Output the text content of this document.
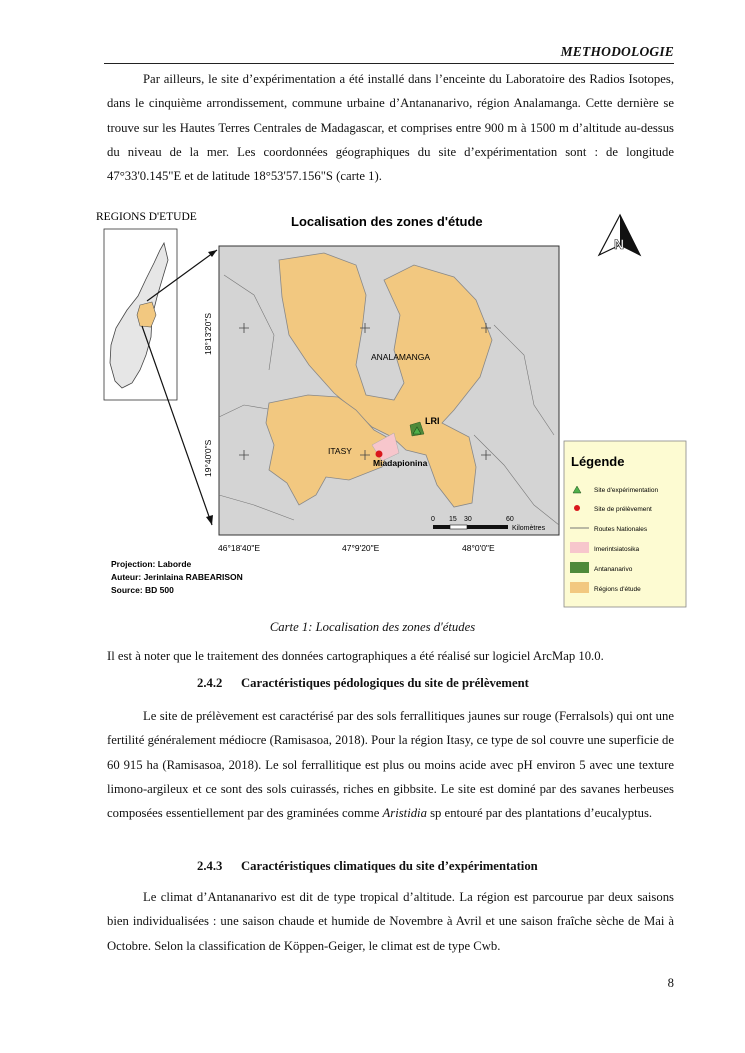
METHODOLOGIE
Par ailleurs, le site d’expérimentation a été installé dans l’enceinte du Laboratoire des Radios Isotopes, dans le cinquième arrondissement, commune urbaine d’Antananarivo, région Analamanga. Cette dernière se trouve sur les Hautes Terres Centrales de Madagascar, et comprises entre 900 m à 1500 m d’altitude au-dessus du niveau de la mer. Les coordonnées géographiques du site d’expérimentation sont : de longitude 47°33'0.145"E et de latitude 18°53'57.156"S (carte 1).
REGIONS D'ETUDE	Localisation des zones d'étude
ANALAMANGA
ITASY
LRI
Miadapionina
18°13'20"S
19°40'0"S
46°18'40"E	47°9'20"E	48°0'0"E
0 15 30	60
Kilomètres
N
Projection: Laborde
Auteur: Jerinlaina RABEARISON
Source: BD 500
Légende
Site d'expérimentation
Site de prélèvement
Routes Nationales
Imerintsiatosika
Antananarivo
Régions d'étude
Carte 1: Localisation des zones d'études
Il est à noter que le traitement des données cartographiques a été réalisé sur logiciel ArcMap 10.0.
2.4.2 Caractéristiques pédologiques du site de prélèvement
Le site de prélèvement est caractérisé par des sols ferrallitiques jaunes sur rouge (Ferralsols) qui ont une fertilité généralement médiocre (Ramisasoa, 2018). Pour la région Itasy, ce type de sol couvre une superficie de 60 915 ha (Ramisasoa, 2018). Le sol ferrallitique est plus ou moins acide avec pH environ 5 avec une texture limono-argileux et ce sont des sols cuirassés, riches en gibbsite. Le site est dominé par des savanes herbeuses composées essentiellement par des graminées comme Aristidia sp entouré par des plantations d’eucalyptus.
2.4.3 Caractéristiques climatiques du site d’expérimentation
Le climat d’Antananarivo est dit de type tropical d’altitude. La région est parcourue par deux saisons bien individualisées : une saison chaude et humide de Novembre à Avril et une saison fraîche sèche de Mai à Octobre. Selon la classification de Köppen-Geiger, le climat est de type Cwb.
8
